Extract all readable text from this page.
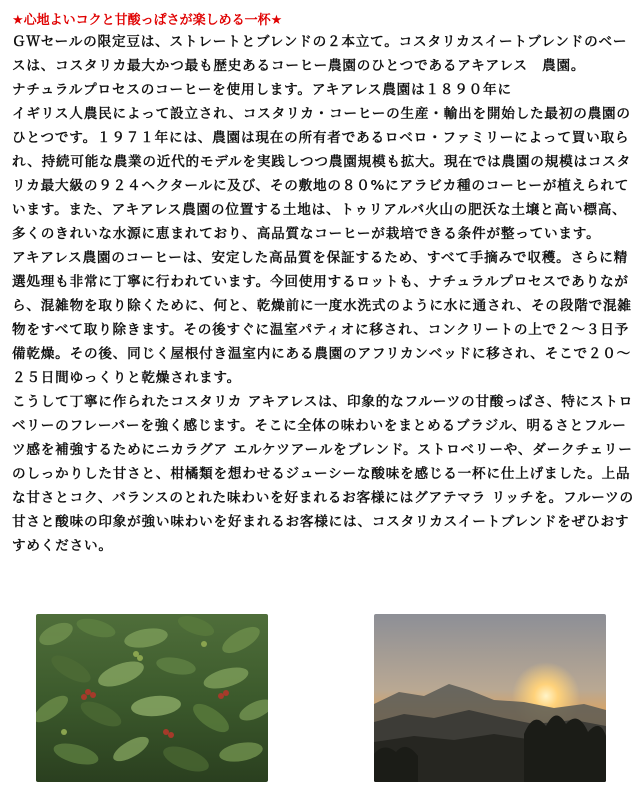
★心地よいコクと甘酸っぱさが楽しめる一杯★

ＧＷセールの限定豆は、ストレートとブレンドの２本立て。コスタリカスイートブレンドのベースは、コスタリカ最大かつ最も歴史あるコーヒー農園のひとつであるアキアレス　農園。
ナチュラルプロセスのコーヒーを使用します。アキアレス農園は１８９０年に
イギリス人農民によって設立され、コスタリカ・コーヒーの生産・輸出を開始した最初の農園のひとつです。１９７１年には、農園は現在の所有者であるロベロ・ファミリーによって買い取られ、持続可能な農業の近代的モデルを実践しつつ農園規模も拡大。現在では農園の規模はコスタリカ最大級の９２４ヘクタールに及び、その敷地の８０%にアラビカ種のコーヒーが植えられています。また、アキアレス農園の位置する土地は、トゥリアルバ火山の肥沃な土壌と高い標高、多くのきれいな水源に恵まれており、高品質なコーヒーが栽培できる条件が整っています。

アキアレス農園のコーヒーは、安定した高品質を保証するため、すべて手摘みで収穫。さらに精選処理も非常に丁寧に行われています。今回使用するロットも、ナチュラルプロセスでありながら、混雑物を取り除くために、何と、乾燥前に一度水洗式のように水に通され、その段階で混雑物をすべて取り除きます。その後すぐに温室パティオに移され、コンクリートの上で２～３日予備乾燥。その後、同じく屋根付き温室内にある農園のアフリカンベッドに移され、そこで２０～２５日間ゆっくりと乾燥されます。

こうして丁寧に作られたコスタリカ アキアレスは、印象的なフルーツの甘酸っぱさ、特にストロベリーのフレーバーを強く感じます。そこに全体の味わいをまとめるブラジル、明るさとフルーツ感を補強するためにニカラグア エルケツアールをブレンド。ストロベリーや、ダークチェリーのしっかりした甘さと、柑橘類を想わせるジューシーな酸味を感じる一杯に仕上げました。上品な甘さとコク、バランスのとれた味わいを好まれるお客様にはグアテマラ リッチを。フルーツの甘さと酸味の印象が強い味わいを好まれるお客様には、コスタリカスイートブレンドをぜひおすすめください。
